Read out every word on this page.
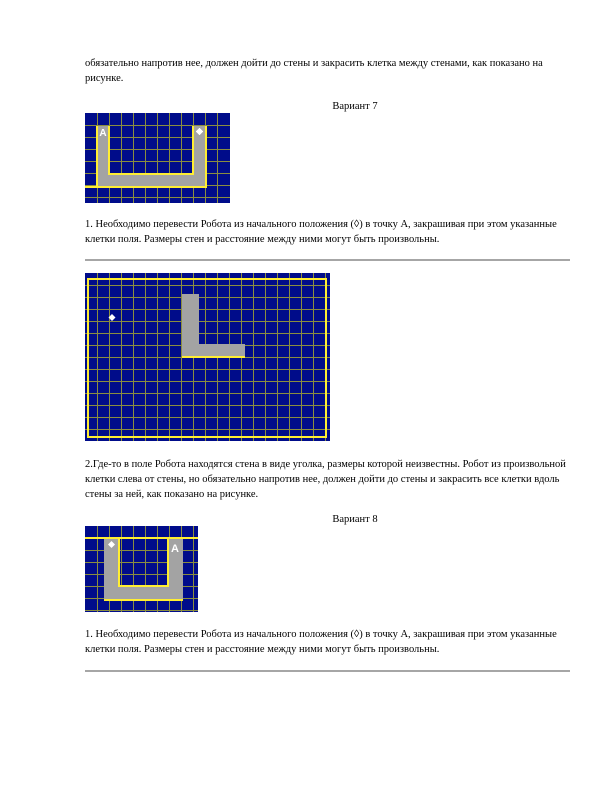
обязательно напротив нее, должен дойти до стены и закрасить клетка между стенами, как показано на рисунке.
Вариант 7
A
1. Необходимо перевести Робота из начального положения (◊) в точку А, закрашивая при этом указанные клетки поля. Размеры стен и расстояние между ними могут быть произвольны.
2.Где-то в поле Робота находятся стена в виде уголка, размеры которой неизвестны. Робот из произвольной клетки слева от стены, но обязательно напротив нее, должен дойти до стены и закрасить все клетки вдоль стены за ней, как показано на рисунке.
Вариант 8
A
1. Необходимо перевести Робота из начального положения (◊) в точку А, закрашивая при этом указанные клетки поля. Размеры стен и расстояние между ними могут быть произвольны.
